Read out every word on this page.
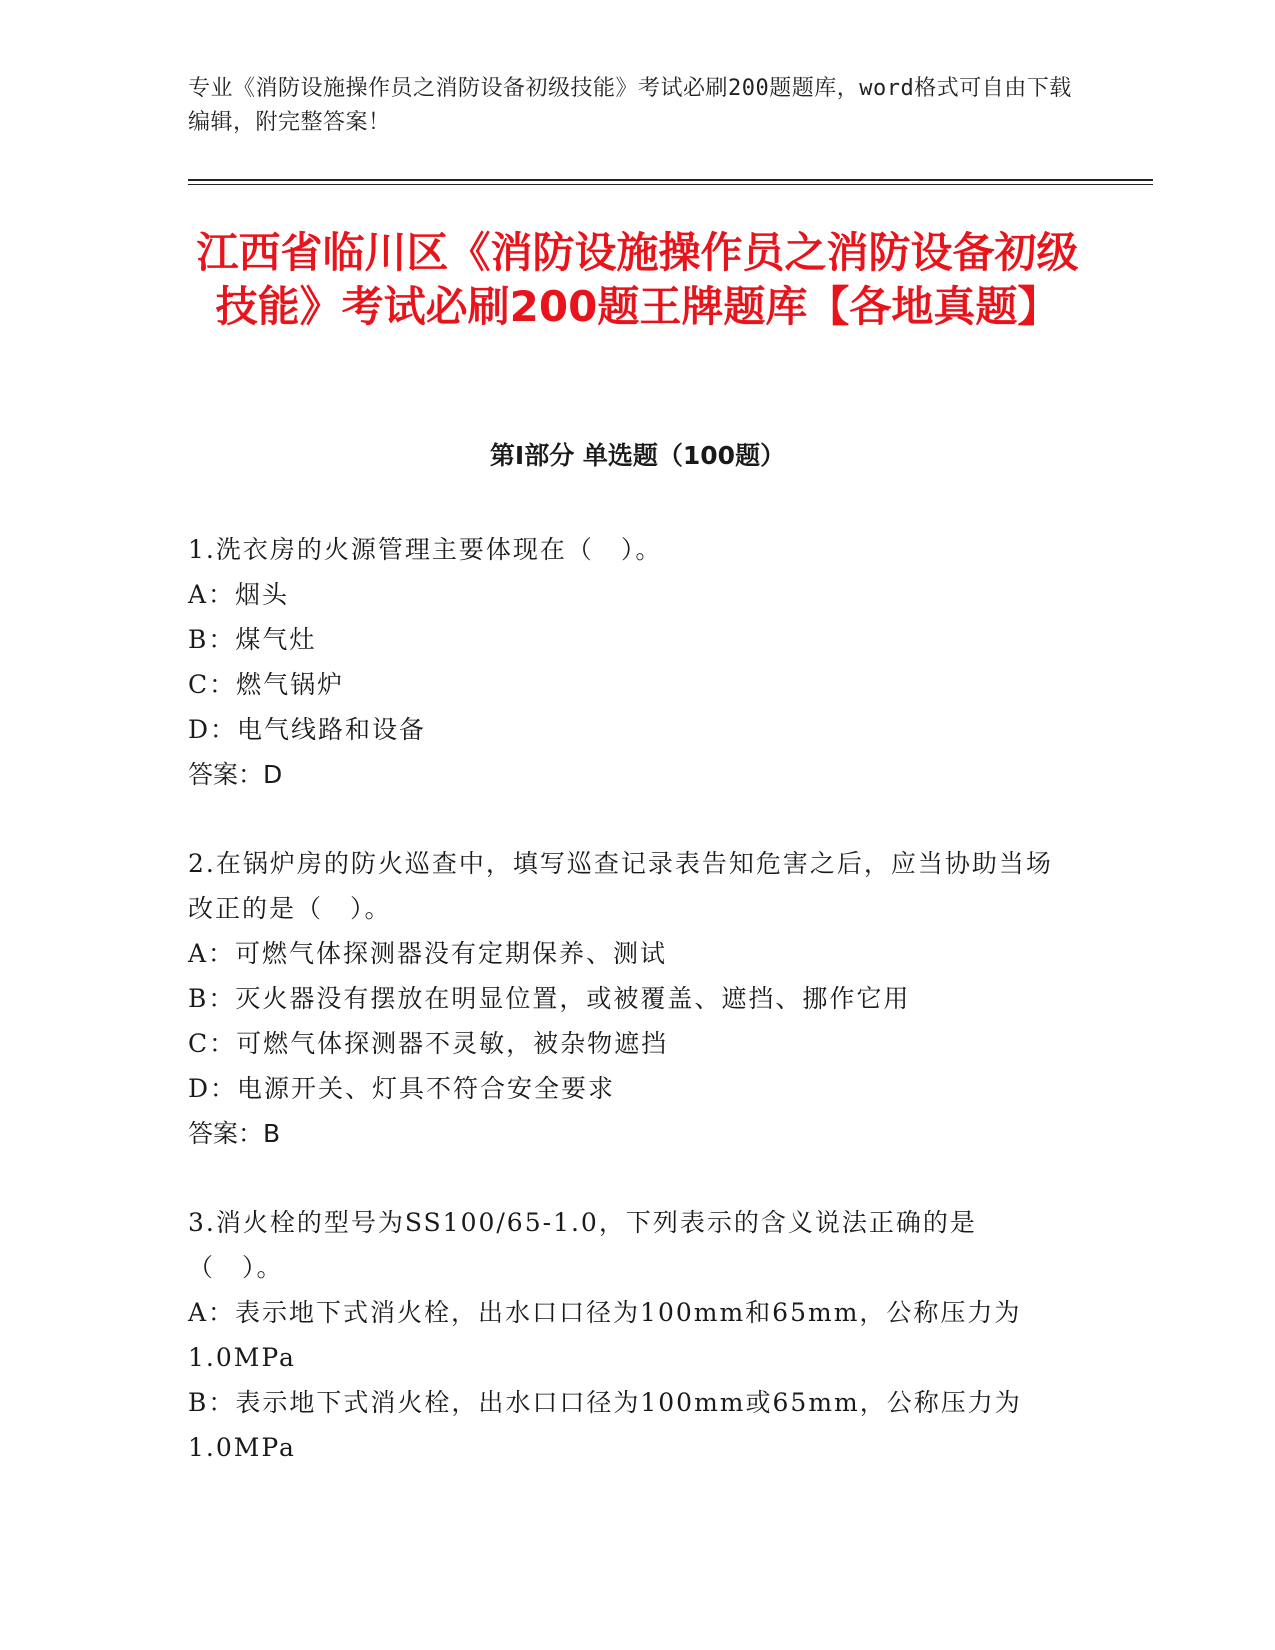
专业《消防设施操作员之消防设备初级技能》考试必刷200题题库，word格式可自由下载编辑，附完整答案！
江西省临川区《消防设施操作员之消防设备初级技能》考试必刷200题王牌题库【各地真题】
第Ⅰ部分 单选题（100题）

1.洗衣房的火源管理主要体现在（　）。

A：烟头

B：煤气灶

C：燃气锅炉

D：电气线路和设备

答案：D

2.在锅炉房的防火巡查中，填写巡查记录表告知危害之后，应当协助当场改正的是（　）。

A：可燃气体探测器没有定期保养、测试

B：灭火器没有摆放在明显位置，或被覆盖、遮挡、挪作它用

C：可燃气体探测器不灵敏，被杂物遮挡

D：电源开关、灯具不符合安全要求

答案：B

3.消火栓的型号为SS100/65-1.0，下列表示的含义说法正确的是（　）。

A：表示地下式消火栓，出水口口径为100mm和65mm，公称压力为1.0MPa

B：表示地下式消火栓，出水口口径为100mm或65mm，公称压力为1.0MPa
